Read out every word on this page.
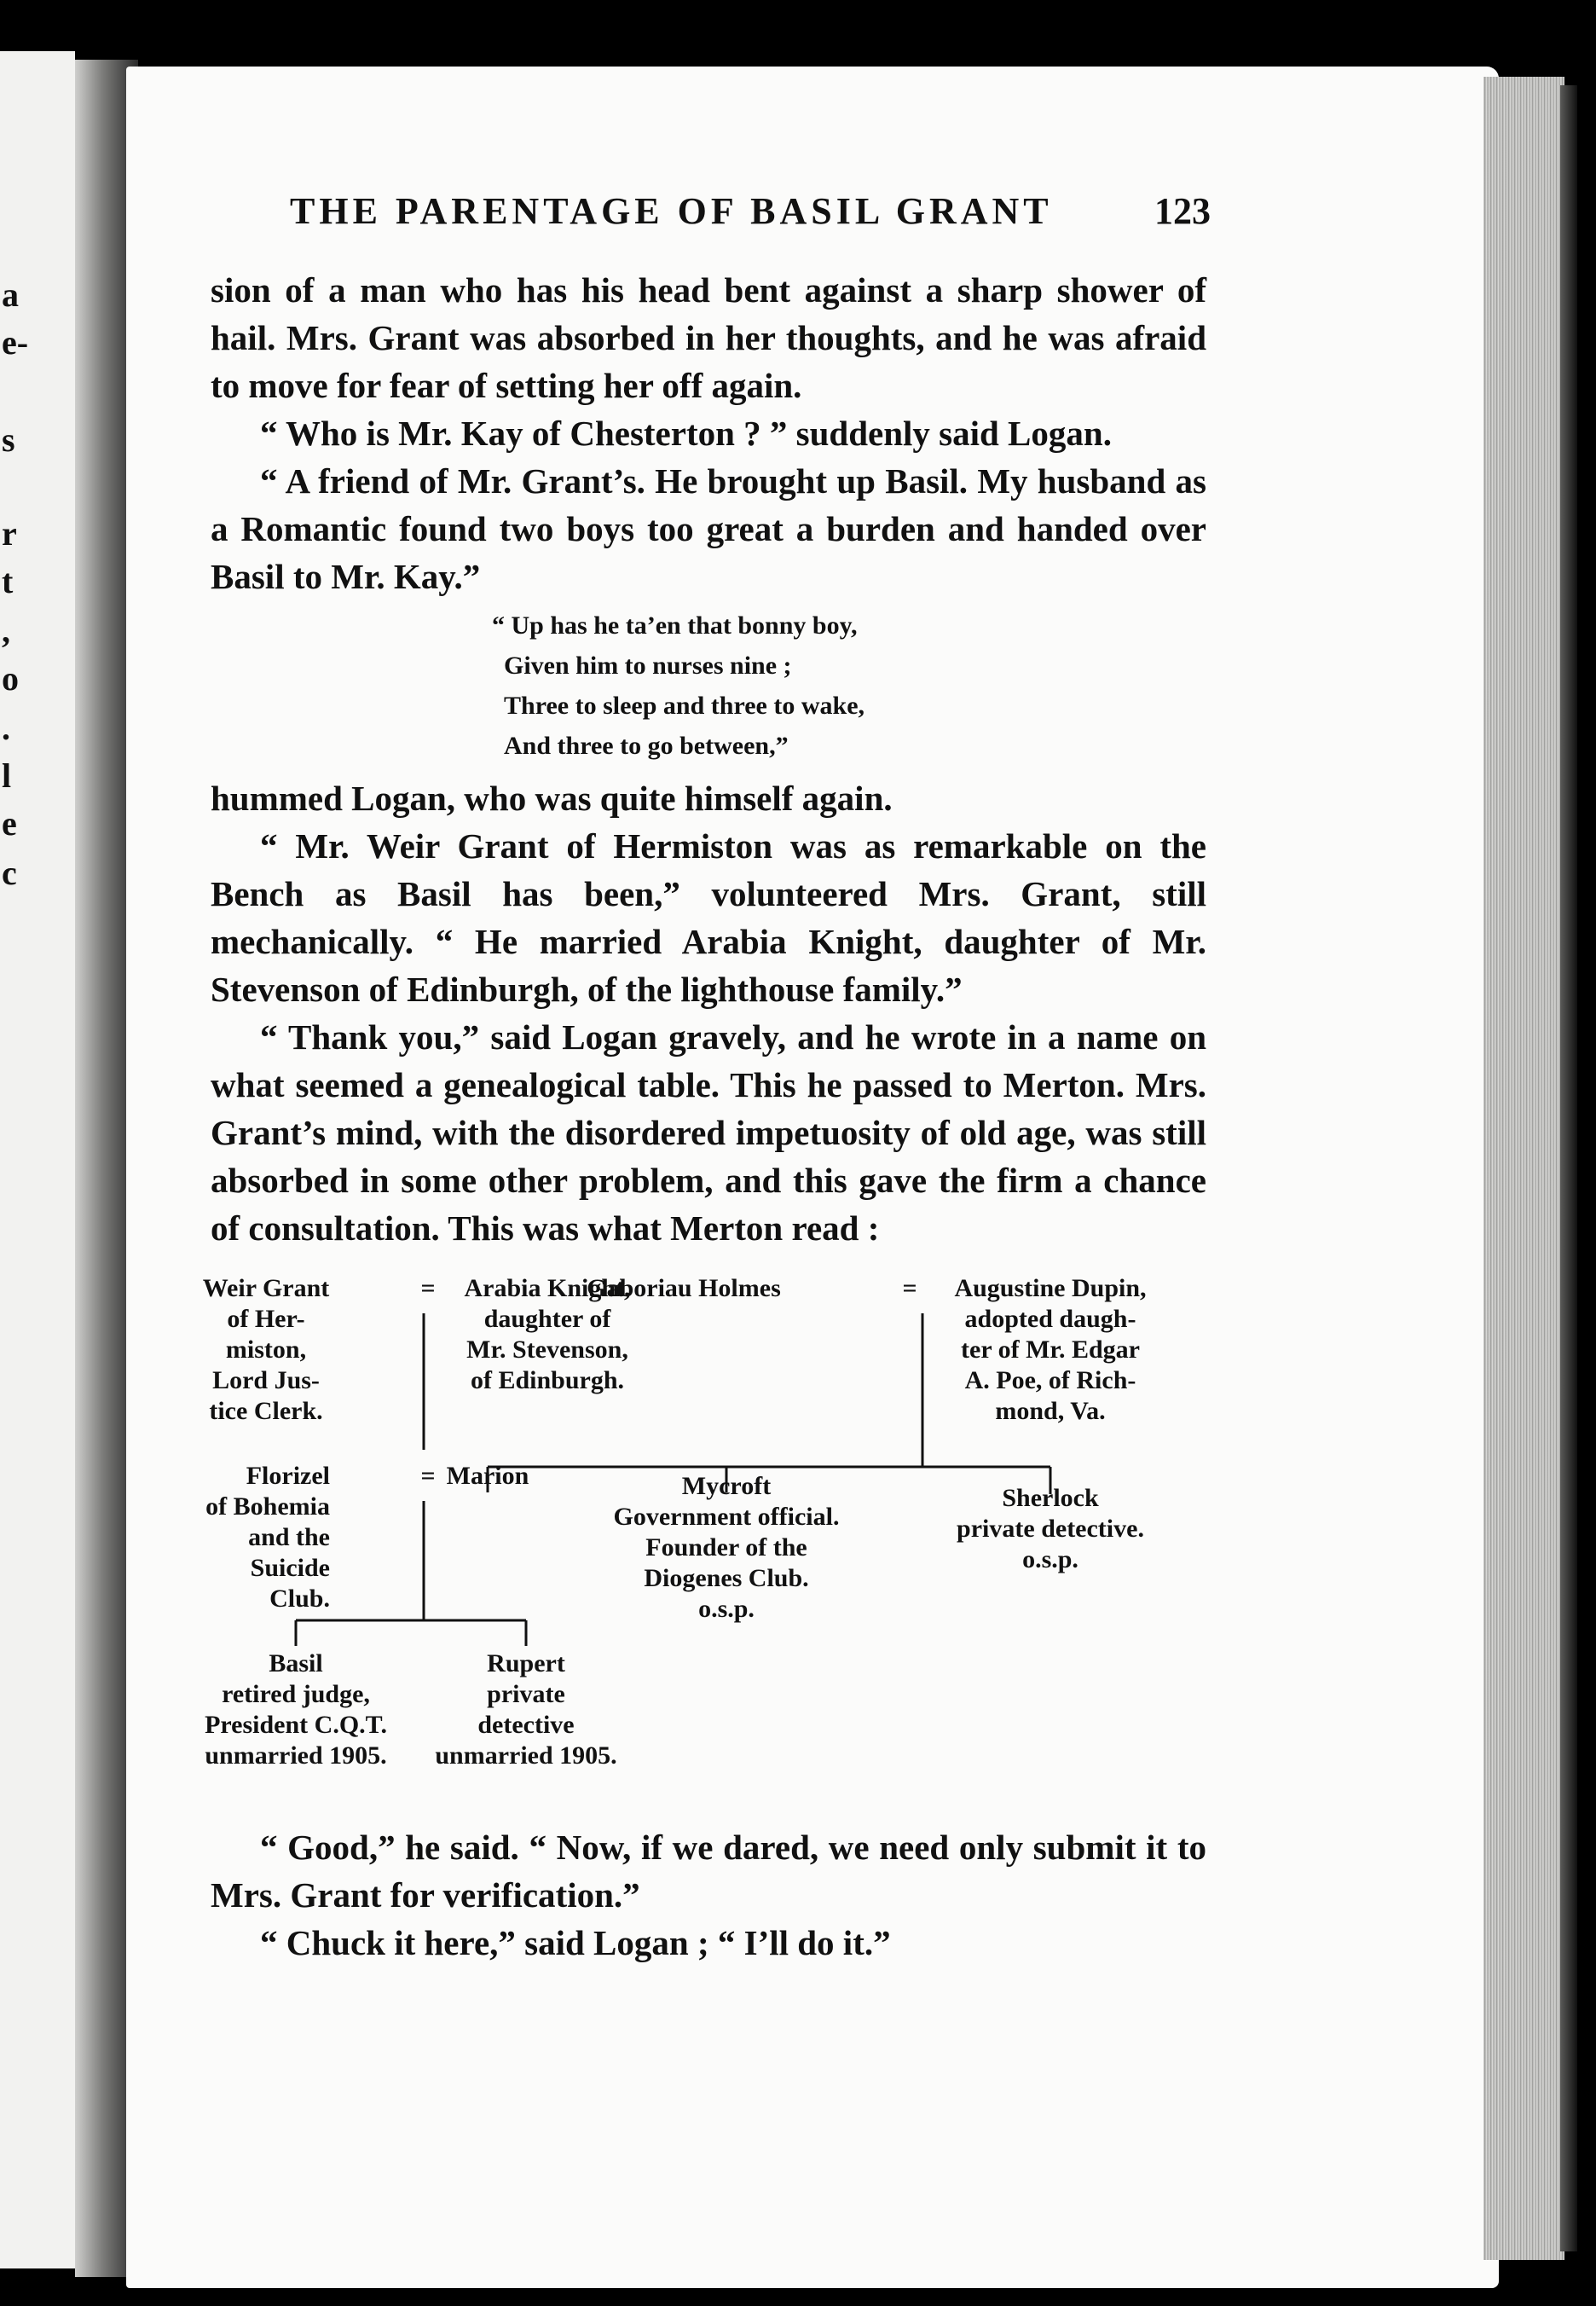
a
e-
s
r
t
,
o
.
l
e
c
THE PARENTAGE OF BASIL GRANT	123

sion of a man who has his head bent against a sharp shower of hail. Mrs. Grant was absorbed in her thoughts, and he was afraid to move for fear of setting her off again.

“ Who is Mr. Kay of Chesterton ? ” suddenly said Logan.

“ A friend of Mr. Grant’s. He brought up Basil. My husband as a Romantic found two boys too great a burden and handed over Basil to Mr. Kay.”

“ Up has he ta’en that bonny boy,
Given him to nurses nine ;
Three to sleep and three to wake,
And three to go between,”

hummed Logan, who was quite himself again.

“ Mr. Weir Grant of Hermiston was as remarkable on the Bench as Basil has been,” volunteered Mrs. Grant, still mechanically. “ He married Arabia Knight, daughter of Mr. Stevenson of Edinburgh, of the lighthouse family.”

“ Thank you,” said Logan gravely, and he wrote in a name on what seemed a genealogical table. This he passed to Merton. Mrs. Grant’s mind, with the disordered impetuosity of old age, was still absorbed in some other problem, and this gave the firm a chance of consultation. This was what Merton read :

Weir Grant
of Her-
miston,
Lord Jus-
tice Clerk.
= Arabia Knight,
daughter of
Mr. Stevenson,
of Edinburgh.
Gaboriau Holmes	= Augustine Dupin,
adopted daugh-
ter of Mr. Edgar
A. Poe, of Rich-
mond, Va.
Florizel
of Bohemia
and the
Suicide
Club.
= Marion	Mycroft
Government official.
Founder of the
Diogenes Club.
o.s.p.
Sherlock
private detective.
o.s.p.
Basil
retired judge,
President C.Q.T.
unmarried 1905.
Rupert
private
detective
unmarried 1905.

“ Good,” he said. “ Now, if we dared, we need only submit it to Mrs. Grant for verification.”

“ Chuck it here,” said Logan ; “ I’ll do it.”
